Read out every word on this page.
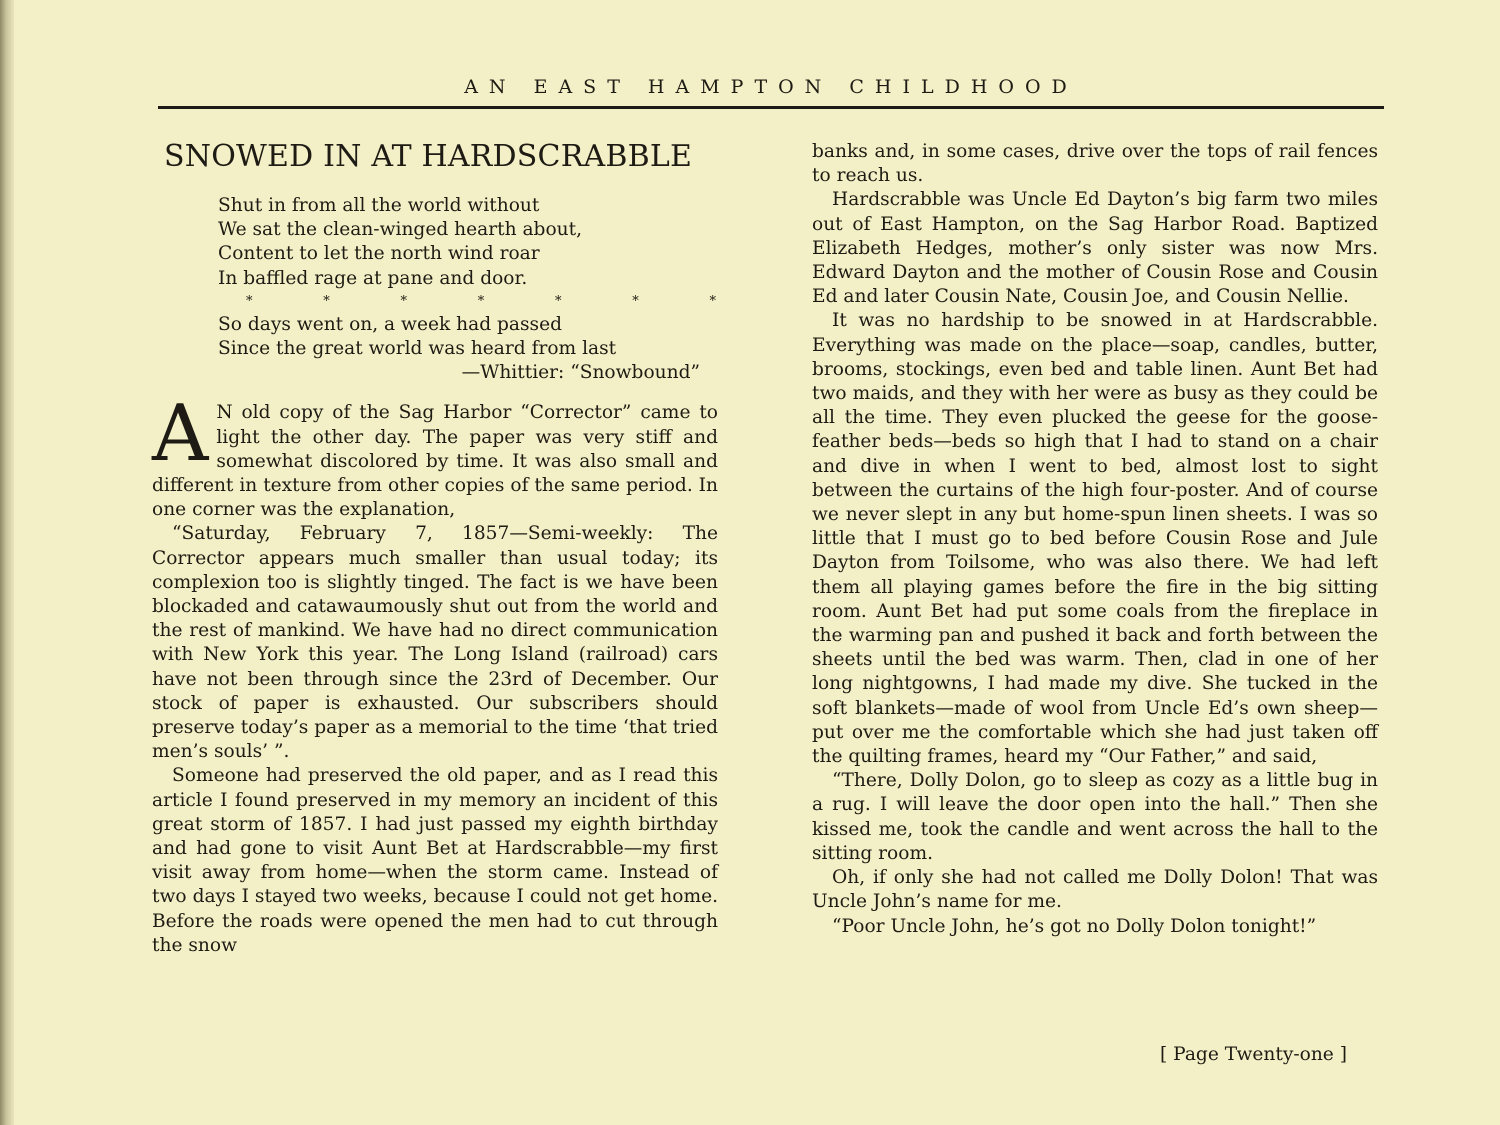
AN EAST HAMPTON CHILDHOOD
SNOWED IN AT HARDSCRABBLE
Shut in from all the world without
We sat the clean-winged hearth about,
Content to let the north wind roar
In baffled rage at pane and door.
*	*	*	*	*	*	*
So days went on, a week had passed
Since the great world was heard from last
—Whittier: “Snowbound”

A N old copy of the Sag Harbor “Corrector” came to light the other day. The paper was very stiff and somewhat discolored by time. It was also small and different in texture from other copies of the same period. In one corner was the explanation,

“Saturday, February 7, 1857—Semi-weekly: The Corrector appears much smaller than usual today; its complexion too is slightly tinged. The fact is we have been blockaded and catawaumously shut out from the world and the rest of mankind. We have had no direct communication with New York this year. The Long Island (railroad) cars have not been through since the 23rd of December. Our stock of paper is exhausted. Our subscribers should preserve today’s paper as a memorial to the time ‘that tried men’s souls’ ”.

Someone had preserved the old paper, and as I read this article I found preserved in my memory an incident of this great storm of 1857. I had just passed my eighth birthday and had gone to visit Aunt Bet at Hardscrabble—my first visit away from home—when the storm came. Instead of two days I stayed two weeks, because I could not get home. Before the roads were opened the men had to cut through the snow

banks and, in some cases, drive over the tops of rail fences to reach us.

Hardscrabble was Uncle Ed Dayton’s big farm two miles out of East Hampton, on the Sag Harbor Road. Baptized Elizabeth Hedges, mother’s only sister was now Mrs. Edward Dayton and the mother of Cousin Rose and Cousin Ed and later Cousin Nate, Cousin Joe, and Cousin Nellie.

It was no hardship to be snowed in at Hardscrabble. Everything was made on the place—soap, candles, butter, brooms, stockings, even bed and table linen. Aunt Bet had two maids, and they with her were as busy as they could be all the time. They even plucked the geese for the goose-feather beds—beds so high that I had to stand on a chair and dive in when I went to bed, almost lost to sight between the curtains of the high four-poster. And of course we never slept in any but home-spun linen sheets. I was so little that I must go to bed before Cousin Rose and Jule Dayton from Toilsome, who was also there. We had left them all playing games before the fire in the big sitting room. Aunt Bet had put some coals from the fireplace in the warming pan and pushed it back and forth between the sheets until the bed was warm. Then, clad in one of her long nightgowns, I had made my dive. She tucked in the soft blankets—made of wool from Uncle Ed’s own sheep—put over me the comfortable which she had just taken off the quilting frames, heard my “Our Father,” and said,

“There, Dolly Dolon, go to sleep as cozy as a little bug in a rug. I will leave the door open into the hall.” Then she kissed me, took the candle and went across the hall to the sitting room.

Oh, if only she had not called me Dolly Dolon! That was Uncle John’s name for me.

“Poor Uncle John, he’s got no Dolly Dolon tonight!”

[ Page Twenty-one ]
